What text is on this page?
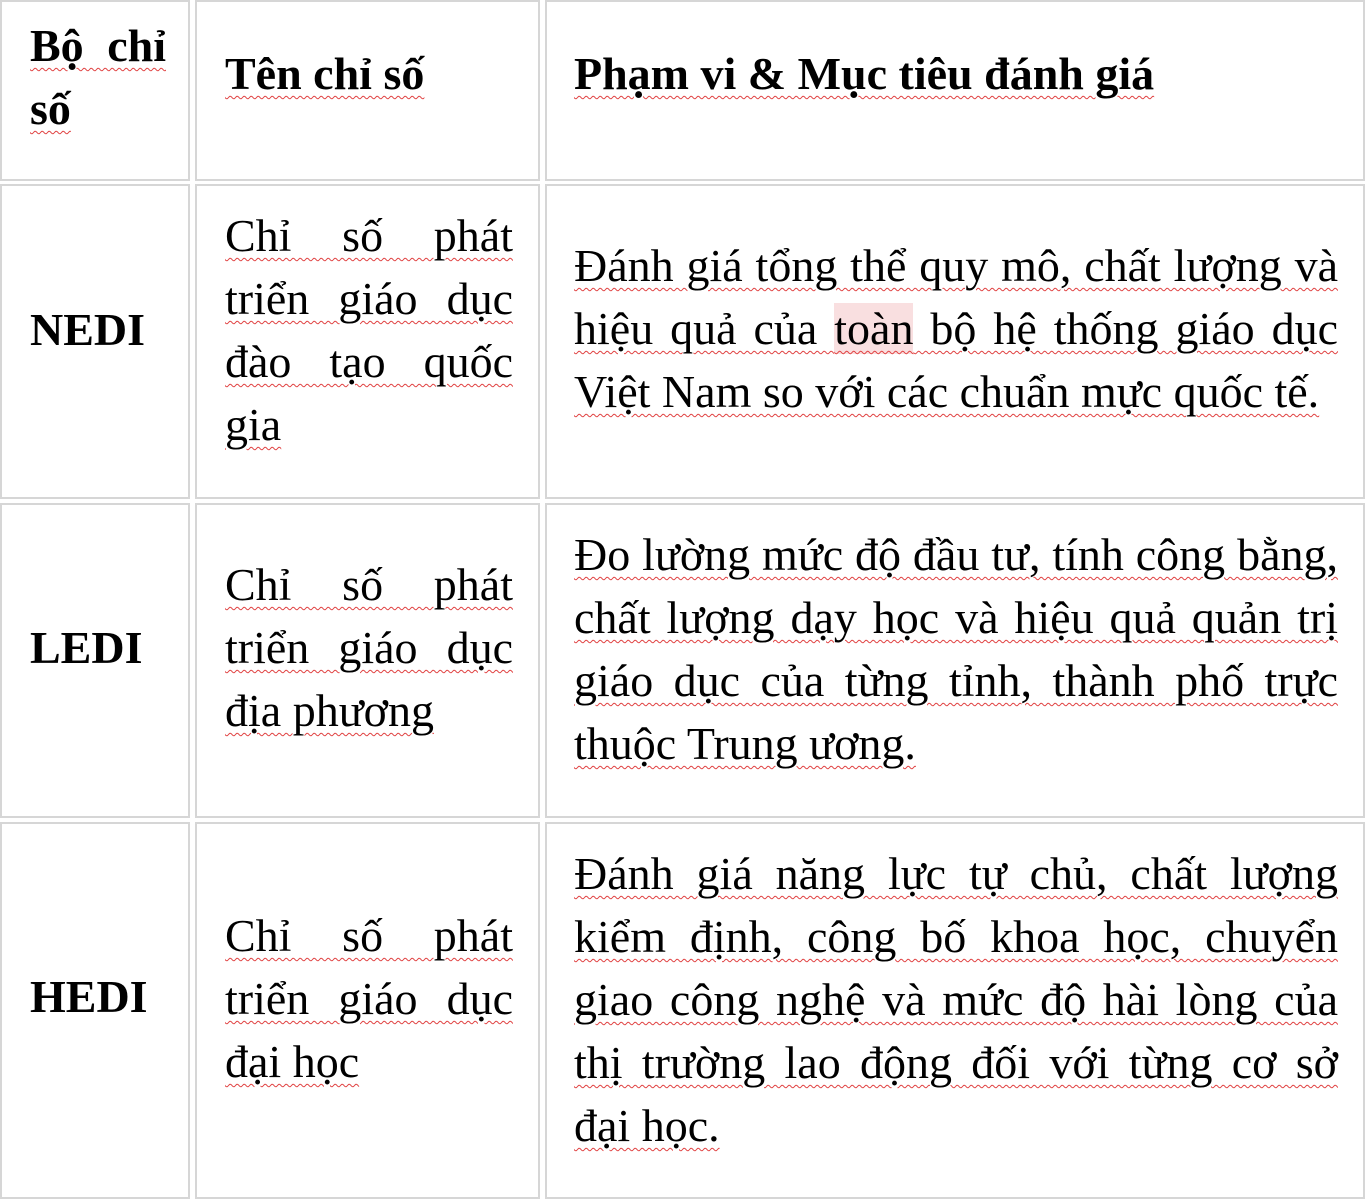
Bộ chỉ số

Tên chỉ số	Phạm vi & Mục tiêu đánh giá

NEDI

Chỉ số phát triển giáo dục đào tạo quốc gia

Đánh giá tổng thể quy mô, chất lượng và hiệu quả của toàn bộ hệ thống giáo dục Việt Nam so với các chuẩn mực quốc tế.

LEDI

Chỉ số phát triển giáo dục địa phương

Đo lường mức độ đầu tư, tính công bằng, chất lượng dạy học và hiệu quả quản trị giáo dục của từng tỉnh, thành phố trực thuộc Trung ương.

HEDI

Chỉ số phát triển giáo dục đại học

Đánh giá năng lực tự chủ, chất lượng kiểm định, công bố khoa học, chuyển giao công nghệ và mức độ hài lòng của thị trường lao động đối với từng cơ sở đại học.
